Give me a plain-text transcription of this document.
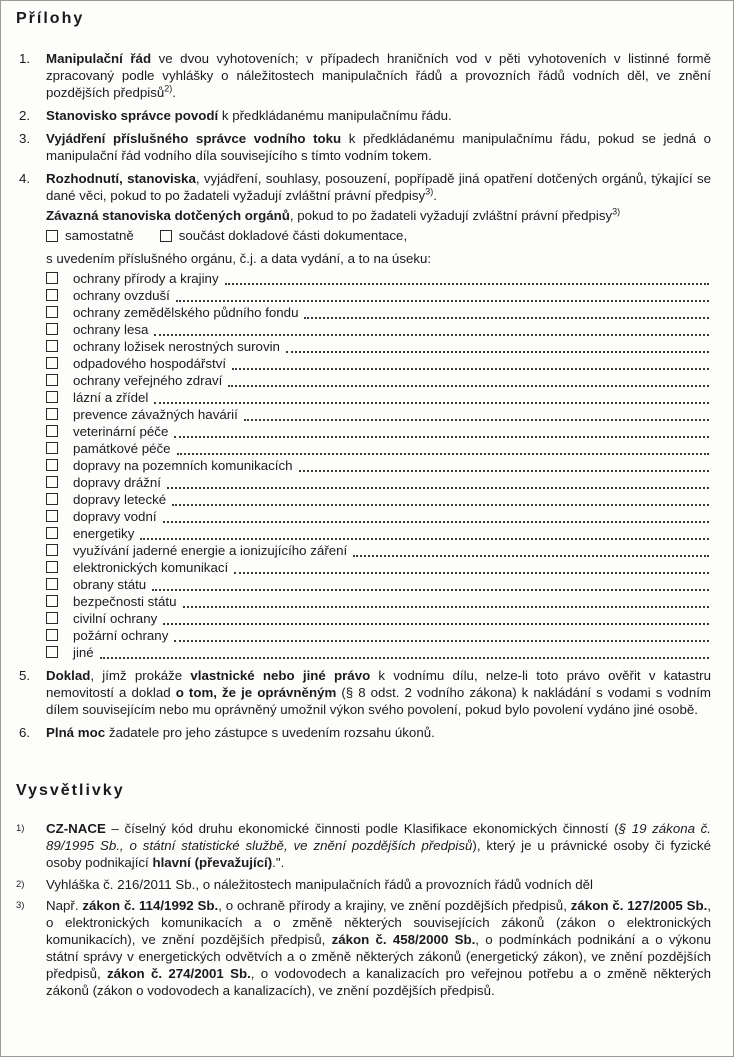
Přílohy
1.	Manipulační řád ve dvou vyhotoveních; v případech hraničních vod v pěti vyhotoveních v listinné formě zpracovaný podle vyhlášky o náležitostech manipulačních řádů a provozních řádů vodních děl, ve znění pozdějších předpisů$^{2)}$.

2.	Stanovisko správce povodí k předkládanému manipulačnímu řádu.

3.	Vyjádření příslušného správce vodního toku k předkládanému manipulačnímu řádu, pokud se jedná o manipulační řád vodního díla souvisejícího s tímto vodním tokem.

4.	Rozhodnutí, stanoviska, vyjádření, souhlasy, posouzení, popřípadě jiná opatření dotčených orgánů, týkající se dané věci, pokud to po žadateli vyžadují zvláštní právní předpisy$^{3)}$.

Závazná stanoviska dotčených orgánů, pokud to po žadateli vyžadují zvláštní právní předpisy$^{3)}$

samostatně	součást dokladové části dokumentace,

s uvedením příslušného orgánu, č.j. a data vydání, a to na úseku:

ochrany přírody a krajiny
ochrany ovzduší
ochrany zemědělského půdního fondu
ochrany lesa
ochrany ložisek nerostných surovin
odpadového hospodářství
ochrany veřejného zdraví
lázní a zřídel
prevence závažných havárií
veterinární péče
památkové péče
dopravy na pozemních komunikacích
dopravy drážní
dopravy letecké
dopravy vodní
energetiky
využívání jaderné energie a ionizujícího záření
elektronických komunikací
obrany státu
bezpečnosti státu
civilní ochrany
požární ochrany
jiné
5.	Doklad, jímž prokáže vlastnické nebo jiné právo k vodnímu dílu, nelze-li toto právo ověřit v katastru nemovitostí a doklad o tom, že je oprávněným (§ 8 odst. 2 vodního zákona) k nakládání s vodami s vodním dílem souvisejícím nebo mu oprávněný umožnil výkon svého povolení, pokud bylo povolení vydáno jiné osobě.

6.	Plná moc žadatele pro jeho zástupce s uvedením rozsahu úkonů.

Vysvětlivky
1)	CZ-NACE – číselný kód druhu ekonomické činnosti podle Klasifikace ekonomických činností (§ 19 zákona č. 89/1995 Sb., o státní statistické službě, ve znění pozdějších předpisů), který je u právnické osoby či fyzické osoby podnikající hlavní (převažující).".

2)	Vyhláška č. 216/2011 Sb., o náležitostech manipulačních řádů a provozních řádů vodních děl

3)	Např. zákon č. 114/1992 Sb., o ochraně přírody a krajiny, ve znění pozdějších předpisů, zákon č. 127/2005 Sb., o elektronických komunikacích a o změně některých souvisejících zákonů (zákon o elektronických komunikacích), ve znění pozdějších předpisů, zákon č. 458/2000 Sb., o podmínkách podnikání a o výkonu státní správy v energetických odvětvích a o změně některých zákonů (energetický zákon), ve znění pozdějších předpisů, zákon č. 274/2001 Sb., o vodovodech a kanalizacích pro veřejnou potřebu a o změně některých zákonů (zákon o vodovodech a kanalizacích), ve znění pozdějších předpisů.
